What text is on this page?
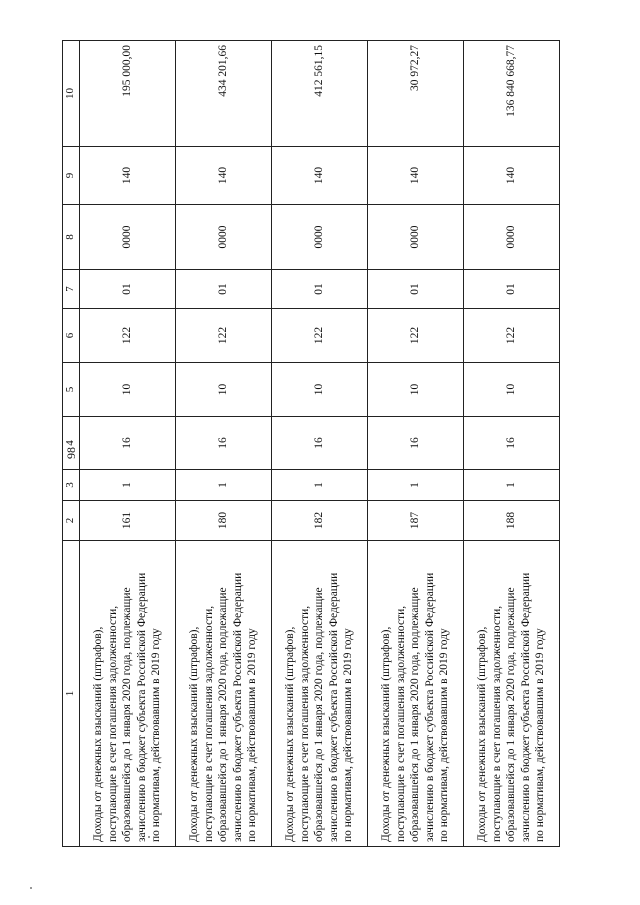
98
1	2	3	4	5	6	7	8	9	10

Доходы от денежных взысканий (штрафов), поступающие в счет погашения задолженности, образовавшейся до 1 января 2020 года, подлежащие зачислению в бюджет субъекта Российской Федерации по нормативам, действовавшим в 2019 году	161	1	16	10	122	01	0000	140	195 000,00

Доходы от денежных взысканий (штрафов), поступающие в счет погашения задолженности, образовавшейся до 1 января 2020 года, подлежащие зачислению в бюджет субъекта Российской Федерации по нормативам, действовавшим в 2019 году	180	1	16	10	122	01	0000	140	434 201,66

Доходы от денежных взысканий (штрафов), поступающие в счет погашения задолженности, образовавшейся до 1 января 2020 года, подлежащие зачислению в бюджет субъекта Российской Федерации по нормативам, действовавшим в 2019 году	182	1	16	10	122	01	0000	140	412 561,15

Доходы от денежных взысканий (штрафов), поступающие в счет погашения задолженности, образовавшейся до 1 января 2020 года, подлежащие зачислению в бюджет субъекта Российской Федерации по нормативам, действовавшим в 2019 году	187	1	16	10	122	01	0000	140	30 972,27

Доходы от денежных взысканий (штрафов), поступающие в счет погашения задолженности, образовавшейся до 1 января 2020 года, подлежащие зачислению в бюджет субъекта Российской Федерации по нормативам, действовавшим в 2019 году	188	1	16	10	122	01	0000	140	136 840 668,77
